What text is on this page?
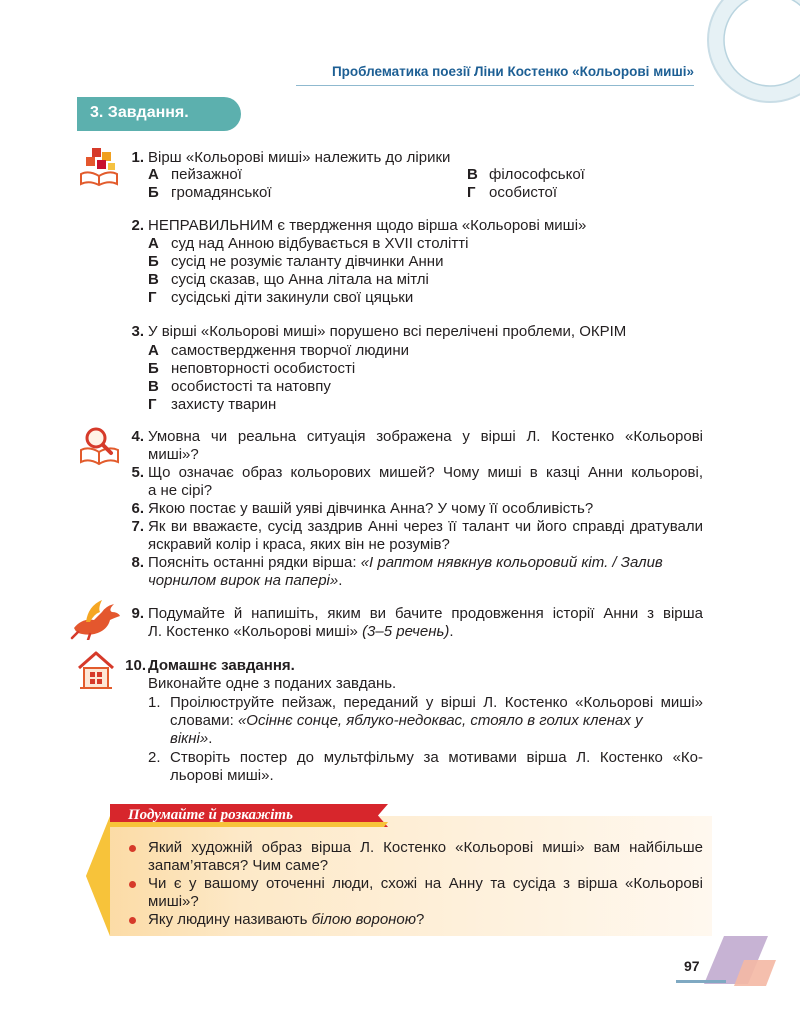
Проблематика поезії Ліни Костенко «Кольорові миші»
3. Завдання.
1. Вірш «Кольорові миші» належить до лірики
А пейзажної
Б громадянської
В філософської
Г особистої
2. НЕПРАВИЛЬНИМ є твердження щодо вірша «Кольорові миші»
А суд над Анною відбувається в XVII столітті
Б сусід не розуміє таланту дівчинки Анни
В сусід сказав, що Анна літала на мітлі
Г сусідські діти закинули свої цяцьки
3. У вірші «Кольорові миші» порушено всі перелічені проблеми, ОКРІМ
А самоствердження творчої людини
Б неповторності особистості
В особистості та натовпу
Г захисту тварин
4. Умовна чи реальна ситуація зображена у вірші Л. Костенко «Кольорові
миші»?
5. Що означає образ кольорових мишей? Чому миші в казці Анни кольорові,
а не сірі?
6. Якою постає у вашій уяві дівчинка Анна? У чому її особливість?
7. Як ви вважаєте, сусід заздрив Анні через її талант чи його справді дратували
яскравий колір і краса, яких він не розумів?
8. Поясніть останні рядки вірша: «І раптом нявкнув кольоровий кіт. / Залив
чорнилом вирок на папері».
9. Подумайте й напишіть, яким ви бачите продовження історії Анни з вірша
Л. Костенко «Кольорові миші» (3–5 речень).
10. Домашнє завдання.
Виконайте одне з поданих завдань.
1. Проілюструйте пейзаж, переданий у вірші Л. Костенко «Кольорові миші»
словами: «Осіннє сонце, яблуко-недоквас, стояло в голих кленах у
вікні».
2. Створіть постер до мультфільму за мотивами вірша Л. Костенко «Ко-
льорові миші».
Подумайте й розкажіть
Який художній образ вірша Л. Костенко «Кольорові миші» вам найбільше
запам’ятався? Чим саме?
Чи є у вашому оточенні люди, схожі на Анну та сусіда з вірша «Кольорові
миші»?
Яку людину називають білою вороною?
97
